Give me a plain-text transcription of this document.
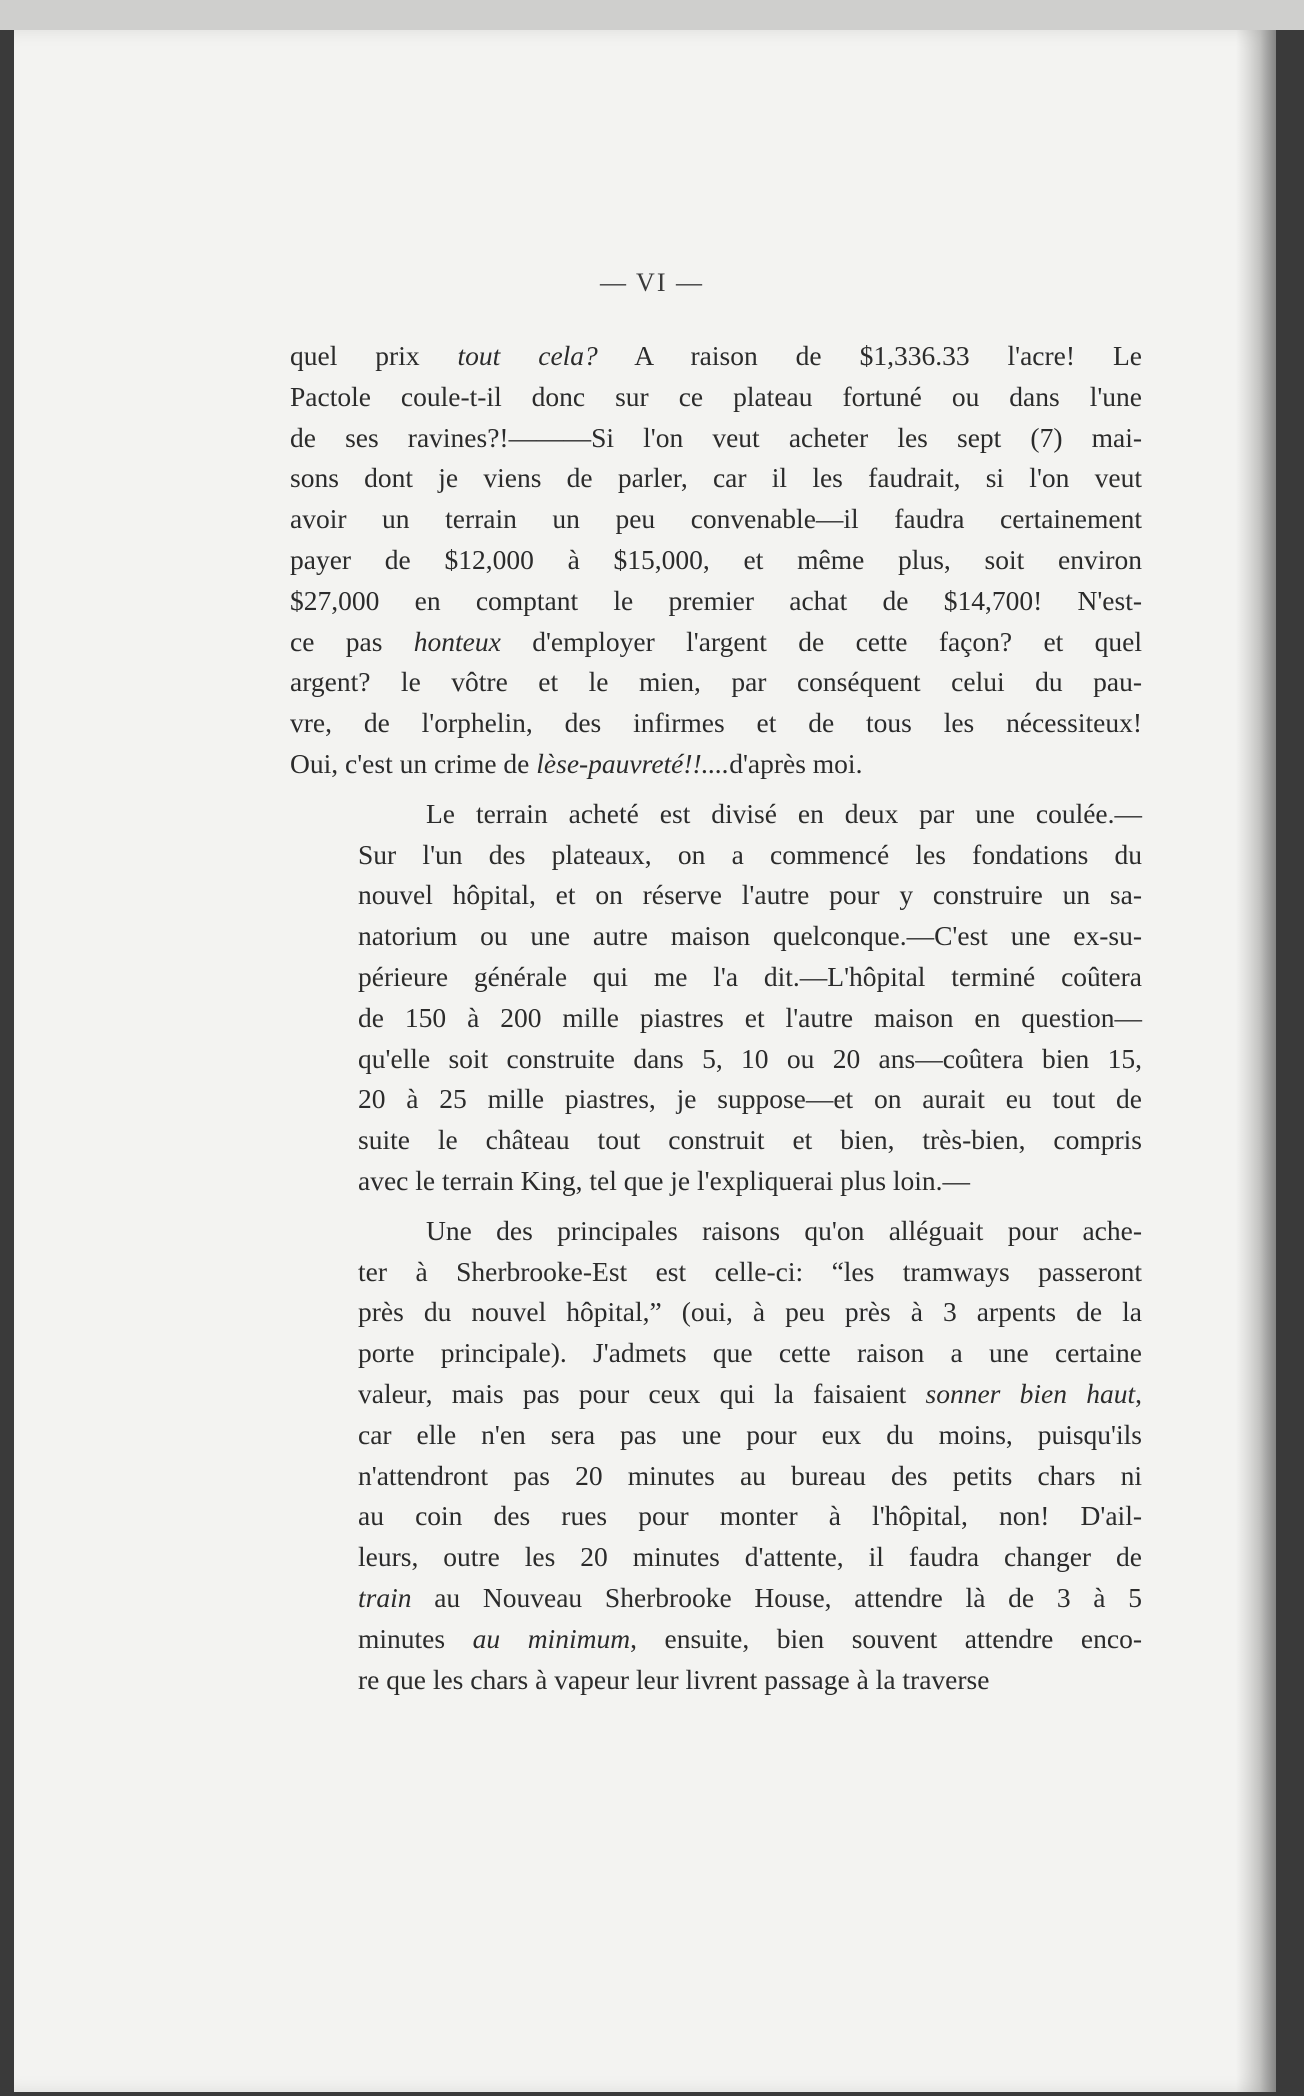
— VI —
quel prix tout cela? A raison de $1,336.33 l'acre! Le
Pactole coule-t-il donc sur ce plateau fortuné ou dans l'une
de ses ravines?!———Si l'on veut acheter les sept (7) mai-
sons dont je viens de parler, car il les faudrait, si l'on veut
avoir un terrain un peu convenable—il faudra certainement
payer de $12,000 à $15,000, et même plus, soit environ
$27,000 en comptant le premier achat de $14,700! N'est-
ce pas honteux d'employer l'argent de cette façon? et quel
argent? le vôtre et le mien, par conséquent celui du pau-
vre, de l'orphelin, des infirmes et de tous les nécessiteux!
Oui, c'est un crime de lèse-pauvreté!!....d'après moi.
Le terrain acheté est divisé en deux par une coulée.—
Sur l'un des plateaux, on a commencé les fondations du
nouvel hôpital, et on réserve l'autre pour y construire un sa-
natorium ou une autre maison quelconque.—C'est une ex-su-
périeure générale qui me l'a dit.—L'hôpital terminé coûtera
de 150 à 200 mille piastres et l'autre maison en question—
qu'elle soit construite dans 5, 10 ou 20 ans—coûtera bien 15,
20 à 25 mille piastres, je suppose—et on aurait eu tout de
suite le château tout construit et bien, très-bien, compris
avec le terrain King, tel que je l'expliquerai plus loin.—
Une des principales raisons qu'on alléguait pour ache-
ter à Sherbrooke-Est est celle-ci: “les tramways passeront
près du nouvel hôpital,” (oui, à peu près à 3 arpents de la
porte principale). J'admets que cette raison a une certaine
valeur, mais pas pour ceux qui la faisaient sonner bien haut,
car elle n'en sera pas une pour eux du moins, puisqu'ils
n'attendront pas 20 minutes au bureau des petits chars ni
au coin des rues pour monter à l'hôpital, non! D'ail-
leurs, outre les 20 minutes d'attente, il faudra changer de
train au Nouveau Sherbrooke House, attendre là de 3 à 5
minutes au minimum, ensuite, bien souvent attendre enco-
re que les chars à vapeur leur livrent passage à la traverse
